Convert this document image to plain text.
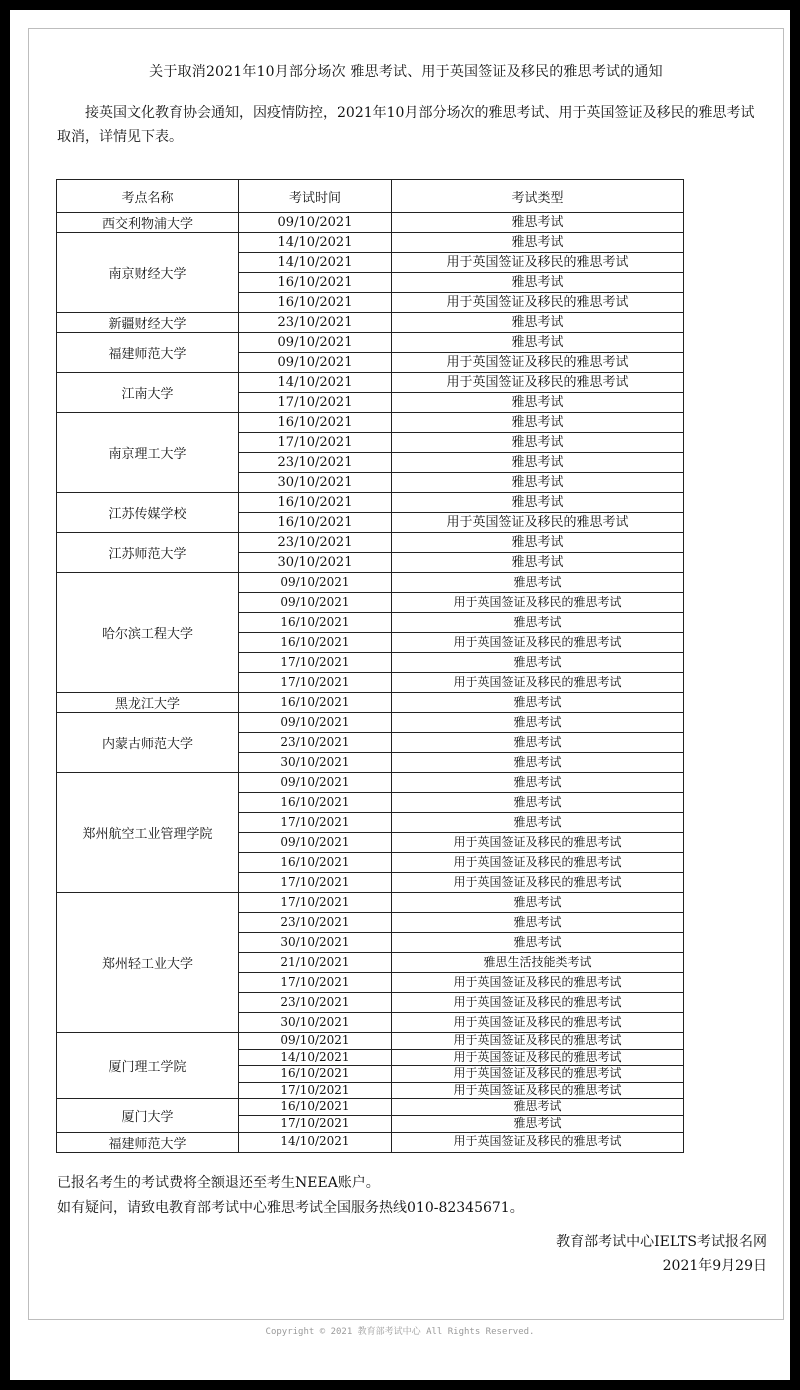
关于取消2021年10月部分场次 雅思考试、用于英国签证及移民的雅思考试的通知
接英国文化教育协会通知，因疫情防控，2021年10月部分场次的雅思考试、用于英国签证及移民的雅思考试取消，详情见下表。
考点名称	考试时间	考试类型
西交利物浦大学	09/10/2021	雅思考试
南京财经大学	14/10/2021	雅思考试
	14/10/2021	用于英国签证及移民的雅思考试
	16/10/2021	雅思考试
	16/10/2021	用于英国签证及移民的雅思考试
新疆财经大学	23/10/2021	雅思考试
福建师范大学	09/10/2021	雅思考试
	09/10/2021	用于英国签证及移民的雅思考试
江南大学	14/10/2021	用于英国签证及移民的雅思考试
	17/10/2021	雅思考试
南京理工大学	16/10/2021	雅思考试
	17/10/2021	雅思考试
	23/10/2021	雅思考试
	30/10/2021	雅思考试
江苏传媒学校	16/10/2021	雅思考试
	16/10/2021	用于英国签证及移民的雅思考试
江苏师范大学	23/10/2021	雅思考试
	30/10/2021	雅思考试
哈尔滨工程大学	09/10/2021	雅思考试
	09/10/2021	用于英国签证及移民的雅思考试
	16/10/2021	雅思考试
	16/10/2021	用于英国签证及移民的雅思考试
	17/10/2021	雅思考试
	17/10/2021	用于英国签证及移民的雅思考试
黑龙江大学	16/10/2021	雅思考试
内蒙古师范大学	09/10/2021	雅思考试
	23/10/2021	雅思考试
	30/10/2021	雅思考试
郑州航空工业管理学院	09/10/2021	雅思考试
	16/10/2021	雅思考试
	17/10/2021	雅思考试
	09/10/2021	用于英国签证及移民的雅思考试
	16/10/2021	用于英国签证及移民的雅思考试
	17/10/2021	用于英国签证及移民的雅思考试
郑州轻工业大学	17/10/2021	雅思考试
	23/10/2021	雅思考试
	30/10/2021	雅思考试
	21/10/2021	雅思生活技能类考试
	17/10/2021	用于英国签证及移民的雅思考试
	23/10/2021	用于英国签证及移民的雅思考试
	30/10/2021	用于英国签证及移民的雅思考试
厦门理工学院	09/10/2021	用于英国签证及移民的雅思考试
	14/10/2021	用于英国签证及移民的雅思考试
	16/10/2021	用于英国签证及移民的雅思考试
	17/10/2021	用于英国签证及移民的雅思考试
厦门大学	16/10/2021	雅思考试
	17/10/2021	雅思考试
福建师范大学	14/10/2021	用于英国签证及移民的雅思考试
已报名考生的考试费将全额退还至考生NEEA账户。
如有疑问，请致电教育部考试中心雅思考试全国服务热线010-82345671。
教育部考试中心IELTS考试报名网
2021年9月29日
Copyright © 2021 教育部考试中心 All Rights Reserved.
